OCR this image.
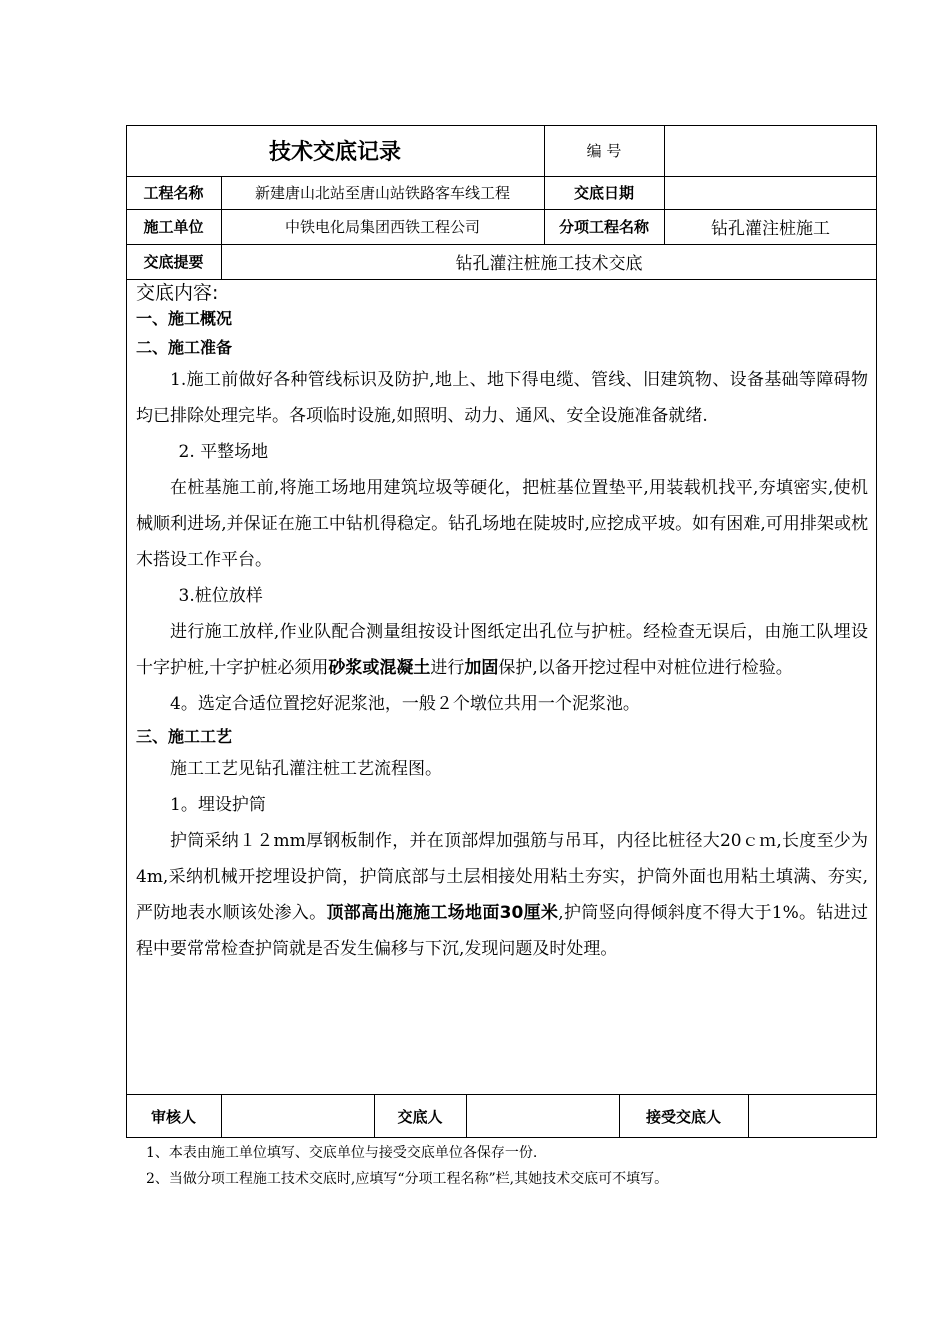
技术交底记录	编 号
工程名称	新建唐山北站至唐山站铁路客车线工程	交底日期
施工单位	中铁电化局集团西铁工程公司	分项工程名称	钻孔灌注桩施工
交底提要	钻孔灌注桩施工技术交底

交底内容:

一、施工概况

二、施工准备

1.施工前做好各种管线标识及防护,地上、地下得电缆、管线、旧建筑物、设备基础等障碍物均已排除处理完毕。各项临时设施,如照明、动力、通风、安全设施准备就绪.

2. 平整场地

在桩基施工前,将施工场地用建筑垃圾等硬化，把桩基位置垫平,用装载机找平,夯填密实,使机械顺利进场,并保证在施工中钻机得稳定。钻孔场地在陡坡时,应挖成平坡。如有困难,可用排架或枕木搭设工作平台。

3.桩位放样

进行施工放样,作业队配合测量组按设计图纸定出孔位与护桩。经检查无误后，由施工队埋设十字护桩,十字护桩必须用砂浆或混凝土进行加固保护,以备开挖过程中对桩位进行检验。

4。选定合适位置挖好泥浆池，一般２个墩位共用一个泥浆池。

三、施工工艺

施工工艺见钻孔灌注桩工艺流程图。

1。埋设护筒

护筒采纳１２mm厚钢板制作，并在顶部焊加强筋与吊耳，内径比桩径大20ｃｍ,长度至少为4m,采纳机械开挖埋设护筒，护筒底部与土层相接处用粘土夯实，护筒外面也用粘土填满、夯实,严防地表水顺该处渗入。顶部高出施施工场地面30厘米,护筒竖向得倾斜度不得大于1%。钻进过程中要常常检查护筒就是否发生偏移与下沉,发现问题及时处理。

审核人	交底人	接受交底人

1、本表由施工单位填写、交底单位与接受交底单位各保存一份.

2、当做分项工程施工技术交底时,应填写“分项工程名称”栏,其她技术交底可不填写。
